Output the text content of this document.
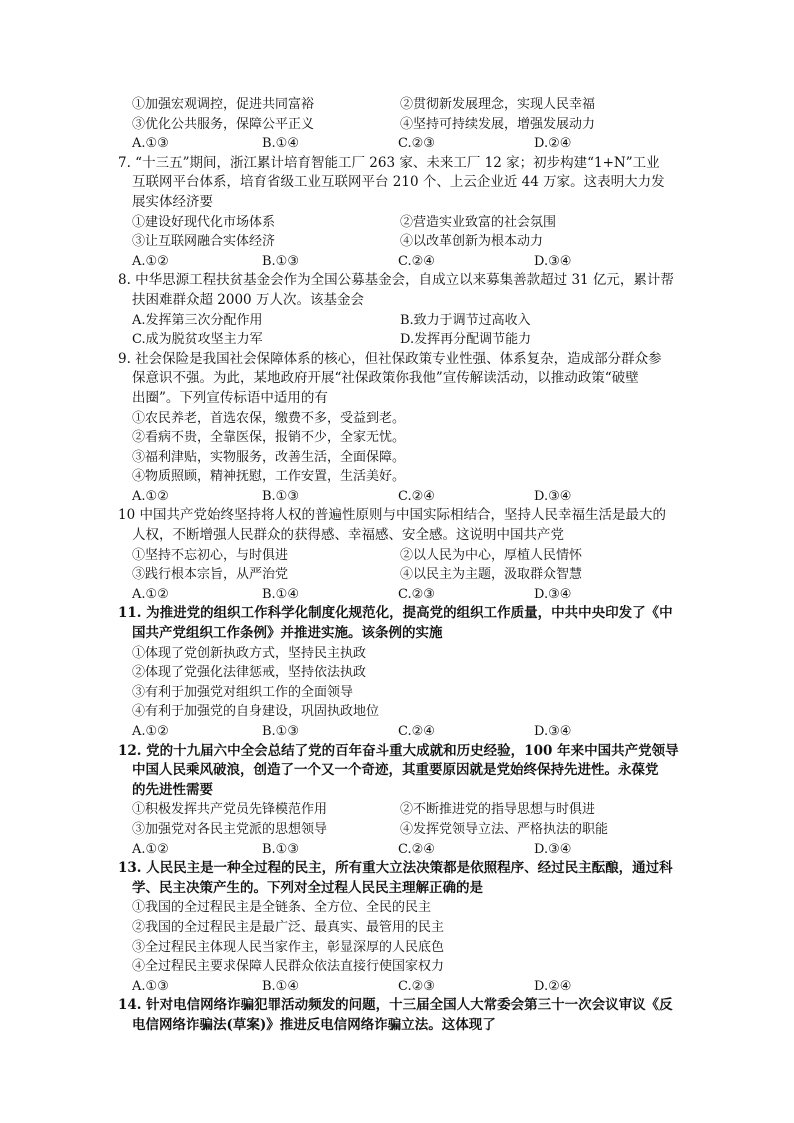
①加强宏观调控，促进共同富裕	②贯彻新发展理念，实现人民幸福
③优化公共服务，保障公平正义	④坚持可持续发展，增强发展动力
A.①③	B.①④	C.②③	D.②④
7. “十三五”期间，浙江累计培育智能工厂 263 家、未来工厂 12 家；初步构建“1+N”工业
互联网平台体系，培育省级工业互联网平台 210 个、上云企业近 44 万家。这表明大力发
展实体经济要
①建设好现代化市场体系	②营造实业致富的社会氛围
③让互联网融合实体经济	④以改革创新为根本动力
A.①②	B.①③	C.②④	D.③④
8. 中华思源工程扶贫基金会作为全国公募基金会，自成立以来募集善款超过 31 亿元，累计帮
扶困难群众超 2000 万人次。该基金会
A.发挥第三次分配作用	B.致力于调节过高收入
C.成为脱贫攻坚主力军	D.发挥再分配调节能力
9. 社会保险是我国社会保障体系的核心，但社保政策专业性强、体系复杂，造成部分群众参
保意识不强。为此，某地政府开展“社保政策你我他”宣传解读活动，以推动政策“破壁
出圈”。下列宣传标语中适用的有
①农民养老，首选农保，缴费不多，受益到老。
②看病不贵，全靠医保，报销不少，全家无忧。
③福利津贴，实物服务，改善生活，全面保障。
④物质照顾，精神抚慰，工作安置，生活美好。
A.①②	B.①③	C.②④	D.③④
10 中国共产党始终坚持将人权的普遍性原则与中国实际相结合，坚持人民幸福生活是最大的
人权，不断增强人民群众的获得感、幸福感、安全感。这说明中国共产党
①坚持不忘初心，与时俱进	②以人民为中心，厚植人民情怀
③践行根本宗旨，从严治党	④以民主为主题，汲取群众智慧
A.①②	B.①④	C.②③	D.③④
11. 为推进党的组织工作科学化制度化规范化，提高党的组织工作质量，中共中央印发了《中
国共产党组织工作条例》并推进实施。该条例的实施
①体现了党创新执政方式，坚持民主执政
②体现了党强化法律惩戒，坚持依法执政
③有利于加强党对组织工作的全面领导
④有利于加强党的自身建设，巩固执政地位
A.①②	B.①③	C.②④	D.③④
12. 党的十九届六中全会总结了党的百年奋斗重大成就和历史经验，100 年来中国共产党领导
中国人民乘风破浪，创造了一个又一个奇迹，其重要原因就是党始终保持先进性。永葆党
的先进性需要
①积极发挥共产党员先锋模范作用	②不断推进党的指导思想与时俱进
③加强党对各民主党派的思想领导	④发挥党领导立法、严格执法的职能
A.①②	B.①③	C.②④	D.③④
13. 人民民主是一种全过程的民主，所有重大立法决策都是依照程序、经过民主酝酿，通过科
学、民主决策产生的。下列对全过程人民民主理解正确的是
①我国的全过程民主是全链条、全方位、全民的民主
②我国的全过程民主是最广泛、最真实、最管用的民主
③全过程民主体现人民当家作主，彰显深厚的人民底色
④全过程民主要求保障人民群众依法直接行使国家权力
A.①③	B.①④	C.②③	D.②④
14. 针对电信网络诈骗犯罪活动频发的问题，十三届全国人大常委会第三十一次会议审议《反
电信网络诈骗法(草案)》推进反电信网络诈骗立法。这体现了
